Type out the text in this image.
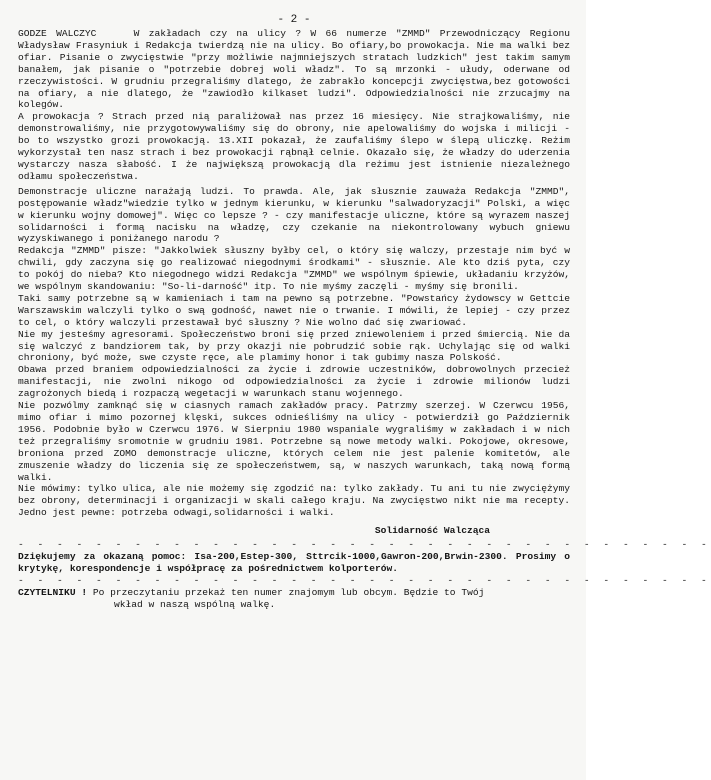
- 2 -

GODZE WALCZYC	W zakładach czy na ulicy ? W 66 numerze "ZMMD" Przewodniczący Regionu Władysław Frasyniuk i Redakcja twierdzą nie na ulicy. Bo ofiary,bo prowokacja. Nie ma walki bez ofiar. Pisanie o zwycięstwie "przy możliwie najmniejszych stratach ludzkich" jest takim samym banałem, jak pisanie o "potrzebie dobrej woli władz". To są mrzonki - ułudy, oderwane od rzeczywistości. W grudniu przegraliśmy dlatego, że zabrakło koncepcji zwycięstwa,bez gotowości na ofiary, a nie dlatego, że "zawiodło kilkaset ludzi". Odpowiedzialności nie zrzucajmy na kolegów.

A prowokacja ? Strach przed nią paraliżował nas przez 16 miesięcy. Nie strajkowaliśmy, nie demonstrowaliśmy, nie przygotowywaliśmy się do obrony, nie apelowaliśmy do wojska i milicji - bo to wszystko grozi prowokacją. 13.XII pokazał, że zaufaliśmy ślepo w ślepą uliczkę. Reżim wykorzystał ten nasz strach i bez prowokacji rąbnął celnie. Okazało się, że władzy do uderzenia wystarczy nasza słabość. I że największą prowokacją dla reżimu jest istnienie niezależnego odłamu społeczeństwa.

Demonstracje uliczne narażają ludzi. To prawda. Ale, jak słusznie zauważa Redakcja "ZMMD", postępowanie władz"wiedzie tylko w jednym kierunku, w kierunku "salwadoryzacji" Polski, a więc w kierunku wojny domowej". Więc co lepsze ? - czy manifestacje uliczne, które są wyrazem naszej solidarności i formą nacisku na władzę, czy czekanie na niekontrolowany wybuch gniewu wyzyskiwanego i poniżanego narodu ?

Redakcja "ZMMD" pisze: "Jakkolwiek słuszny byłby cel, o który się walczy, przestaje nim być w chwili, gdy zaczyna się go realizować niegodnymi środkami" - słusznie. Ale kto dziś pyta, czy to pokój do nieba? Kto niegodnego widzi Redakcja "ZMMD" we wspólnym śpiewie, układaniu krzyżów, we wspólnym skandowaniu: "So-li-darność" itp. To nie myśmy zaczęli - myśmy się bronili.

Taki samy potrzebne są w kamieniach i tam na pewno są potrzebne. "Powstańcy żydowscy w Gettcie Warszawskim walczyli tylko o swą godność, nawet nie o trwanie. I mówili, że lepiej - czy przez to cel, o który walczyli przestawał być słuszny ? Nie wolno dać się zwariować.

Nie my jesteśmy agresorami. Społeczeństwo broni się przed zniewoleniem i przed śmiercią. Nie da się walczyć z bandziorem tak, by przy okazji nie pobrudzić sobie rąk. Uchylając się od walki chroniony, być może, swe czyste ręce, ale plamimy honor i tak gubimy nasza Polskość.

Obawa przed braniem odpowiedzialności za życie i zdrowie uczestników, dobrowolnych przecież manifestacji, nie zwolni nikogo od odpowiedzialności za życie i zdrowie milionów ludzi zagrożonych biedą i rozpaczą wegetacji w warunkach stanu wojennego.

Nie pozwólmy zamknąć się w ciasnych ramach zakładów pracy. Patrzmy szerzej. W Czerwcu 1956, mimo ofiar i mimo pozornej klęski, sukces odnieśliśmy na ulicy - potwierdził go Październik 1956. Podobnie było w Czerwcu 1976. W Sierpniu 1980 wspaniale wygraliśmy w zakładach i w nich też przegraliśmy sromotnie w grudniu 1981. Potrzebne są nowe metody walki. Pokojowe, okresowe, broniona przed ZOMO demonstracje uliczne, których celem nie jest palenie komitetów, ale zmuszenie władzy do liczenia się ze społeczeństwem, są, w naszych warunkach, taką nową formą walki.

Nie mówimy: tylko ulica, ale nie możemy się zgodzić na: tylko zakłady. Tu ani tu nie zwyciężymy bez obrony, determinacji i organizacji w skali całego kraju. Na zwycięstwo nikt nie ma recepty. Jedno jest pewne: potrzeba odwagi,solidarności i walki.

Solidarność Walcząca
- - - - - - - - - - - - - - - - - - - - - - - - - - - - - - - - - - - -

Dziękujemy za okazaną pomoc: Isa-200,Estep-300, Sttrcik-1000,Gawron-200,Brwin-2300. Prosimy o krytykę, korespondencje i współpracę za pośrednictwem kolporterów.

- - - - - - - - - - - - - - - - - - - - - - - - - - - - - - - - - - - -

CZYTELNIKU ! Po przeczytaniu przekaż ten numer znajomym lub obcym. Będzie to Twój

wkład w naszą wspólną walkę.
